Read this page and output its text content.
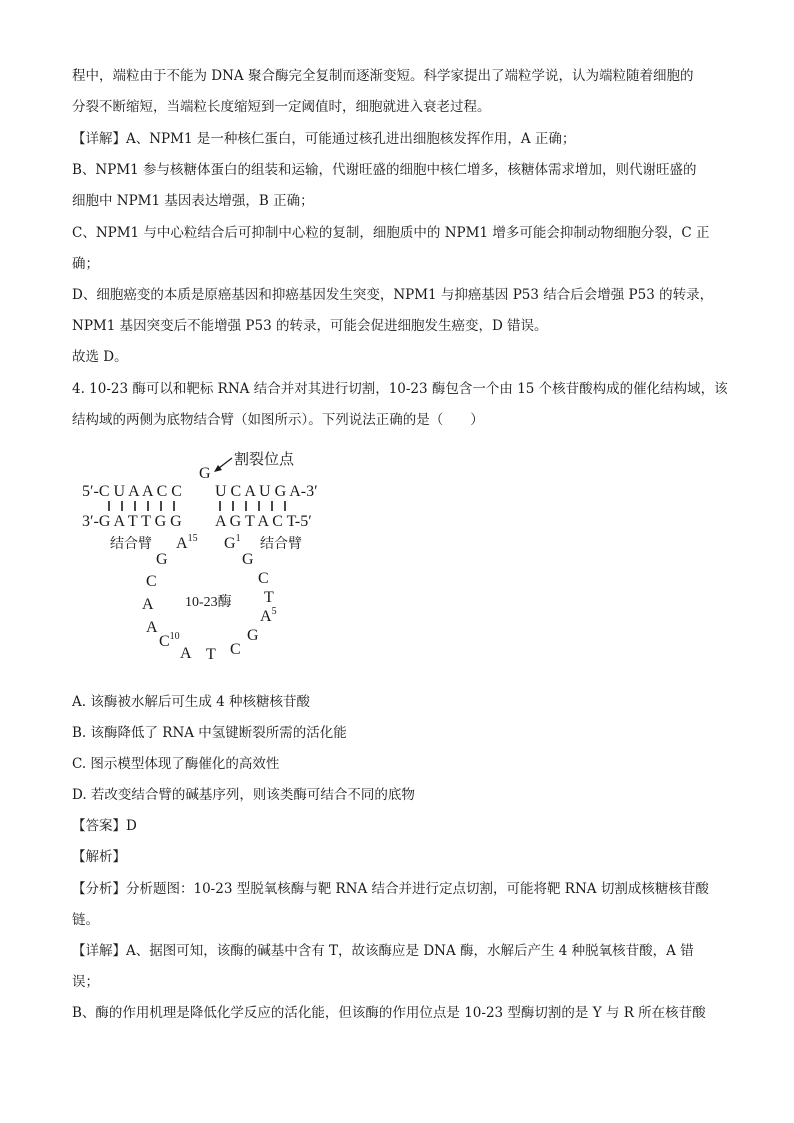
程中，端粒由于不能为 DNA 聚合酶完全复制而逐渐变短。科学家提出了端粒学说，认为端粒随着细胞的
分裂不断缩短，当端粒长度缩短到一定阈值时，细胞就进入衰老过程。
【详解】A、NPM1 是一种核仁蛋白，可能通过核孔进出细胞核发挥作用，A 正确；
B、NPM1 参与核糖体蛋白的组装和运输，代谢旺盛的细胞中核仁增多，核糖体需求增加，则代谢旺盛的
细胞中 NPM1 基因表达增强，B 正确；
C、NPM1 与中心粒结合后可抑制中心粒的复制，细胞质中的 NPM1 增多可能会抑制动物细胞分裂，C 正
确；
D、细胞癌变的本质是原癌基因和抑癌基因发生突变，NPM1 与抑癌基因 P53 结合后会增强 P53 的转录，
NPM1 基因突变后不能增强 P53 的转录，可能会促进细胞发生癌变，D 错误。
故选 D。
4. 10-23 酶可以和靶标 RNA 结合并对其进行切割，10-23 酶包含一个由 15 个核苷酸构成的催化结构域，该
结构域的两侧为底物结合臂（如图所示）。下列说法正确的是（　　）
割裂位点
G
5′-C U A A C C U C A U G A-3′
3′-G A T T G G A G T A C T-5′
结合臂	结合臂
$A^{15}$ $G^1$
G	G
C	C
T
A
$A^5$
A	G
$C^{10}$
C
A T
10-23酶
A. 该酶被水解后可生成 4 种核糖核苷酸
B. 该酶降低了 RNA 中氢键断裂所需的活化能
C. 图示模型体现了酶催化的高效性
D. 若改变结合臂的碱基序列，则该类酶可结合不同的底物
【答案】D
【解析】
【分析】分析题图：10-23 型脱氧核酶与靶 RNA 结合并进行定点切割，可能将靶 RNA 切割成核糖核苷酸
链。
【详解】A、据图可知，该酶的碱基中含有 T，故该酶应是 DNA 酶，水解后产生 4 种脱氧核苷酸，A 错
误；
B、酶的作用机理是降低化学反应的活化能，但该酶的作用位点是 10-23 型酶切割的是 Y 与 R 所在核苷酸
